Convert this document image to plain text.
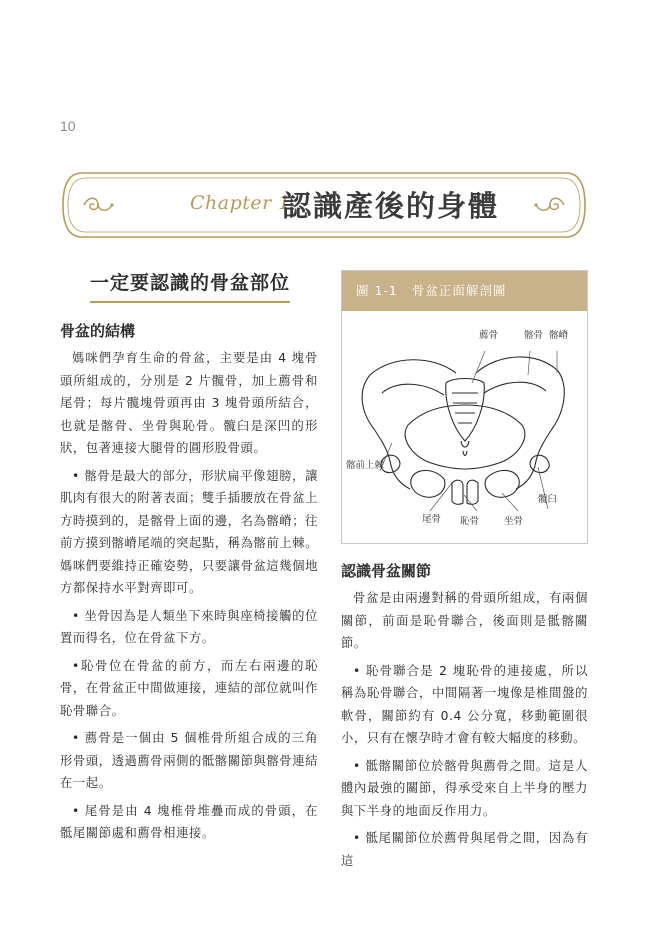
10
Chapter 1
認識產後的身體
一定要認識的骨盆部位
骨盆的結構

媽咪們孕育生命的骨盆，主要是由 4 塊骨頭所組成的，分別是 2 片髖骨，加上薦骨和尾骨；每片髖塊骨頭再由 3 塊骨頭所結合，也就是髂骨、坐骨與恥骨。髖臼是深凹的形狀，包著連接大腿骨的圓形股骨頭。

• 髂骨是最大的部分，形狀扁平像翅膀，讓肌肉有很大的附著表面；雙手插腰放在骨盆上方時摸到的，是髂骨上面的邊，名為髂嵴；往前方摸到髂嵴尾端的突起點，稱為髂前上棘。媽咪們要維持正確姿勢，只要讓骨盆這幾個地方都保持水平對齊即可。

• 坐骨因為是人類坐下來時與座椅接觸的位置而得名，位在骨盆下方。

•恥骨位在骨盆的前方，而左右兩邊的恥骨，在骨盆正中間做連接，連結的部位就叫作恥骨聯合。

• 薦骨是一個由 5 個椎骨所組合成的三角形骨頭，透過薦骨兩側的骶髂關節與髂骨連結在一起。

• 尾骨是由 4 塊椎骨堆疊而成的骨頭，在骶尾關節處和薦骨相連接。

圖 1-1 骨盆正面解剖圖
薦骨	髂骨 髂嵴
髂前上棘
髖臼
尾骨 恥骨	坐骨
認識骨盆關節

骨盆是由兩邊對稱的骨頭所組成，有兩個關節，前面是恥骨聯合，後面則是骶髂關節。

• 恥骨聯合是 2 塊恥骨的連接處，所以稱為恥骨聯合，中間隔著一塊像是椎間盤的軟骨，關節約有 0.4 公分寬，移動範圍很小，只有在懷孕時才會有較大幅度的移動。

• 骶髂關節位於髂骨與薦骨之間。這是人體內最強的關節，得承受來自上半身的壓力與下半身的地面反作用力。

• 骶尾關節位於薦骨與尾骨之間，因為有這
